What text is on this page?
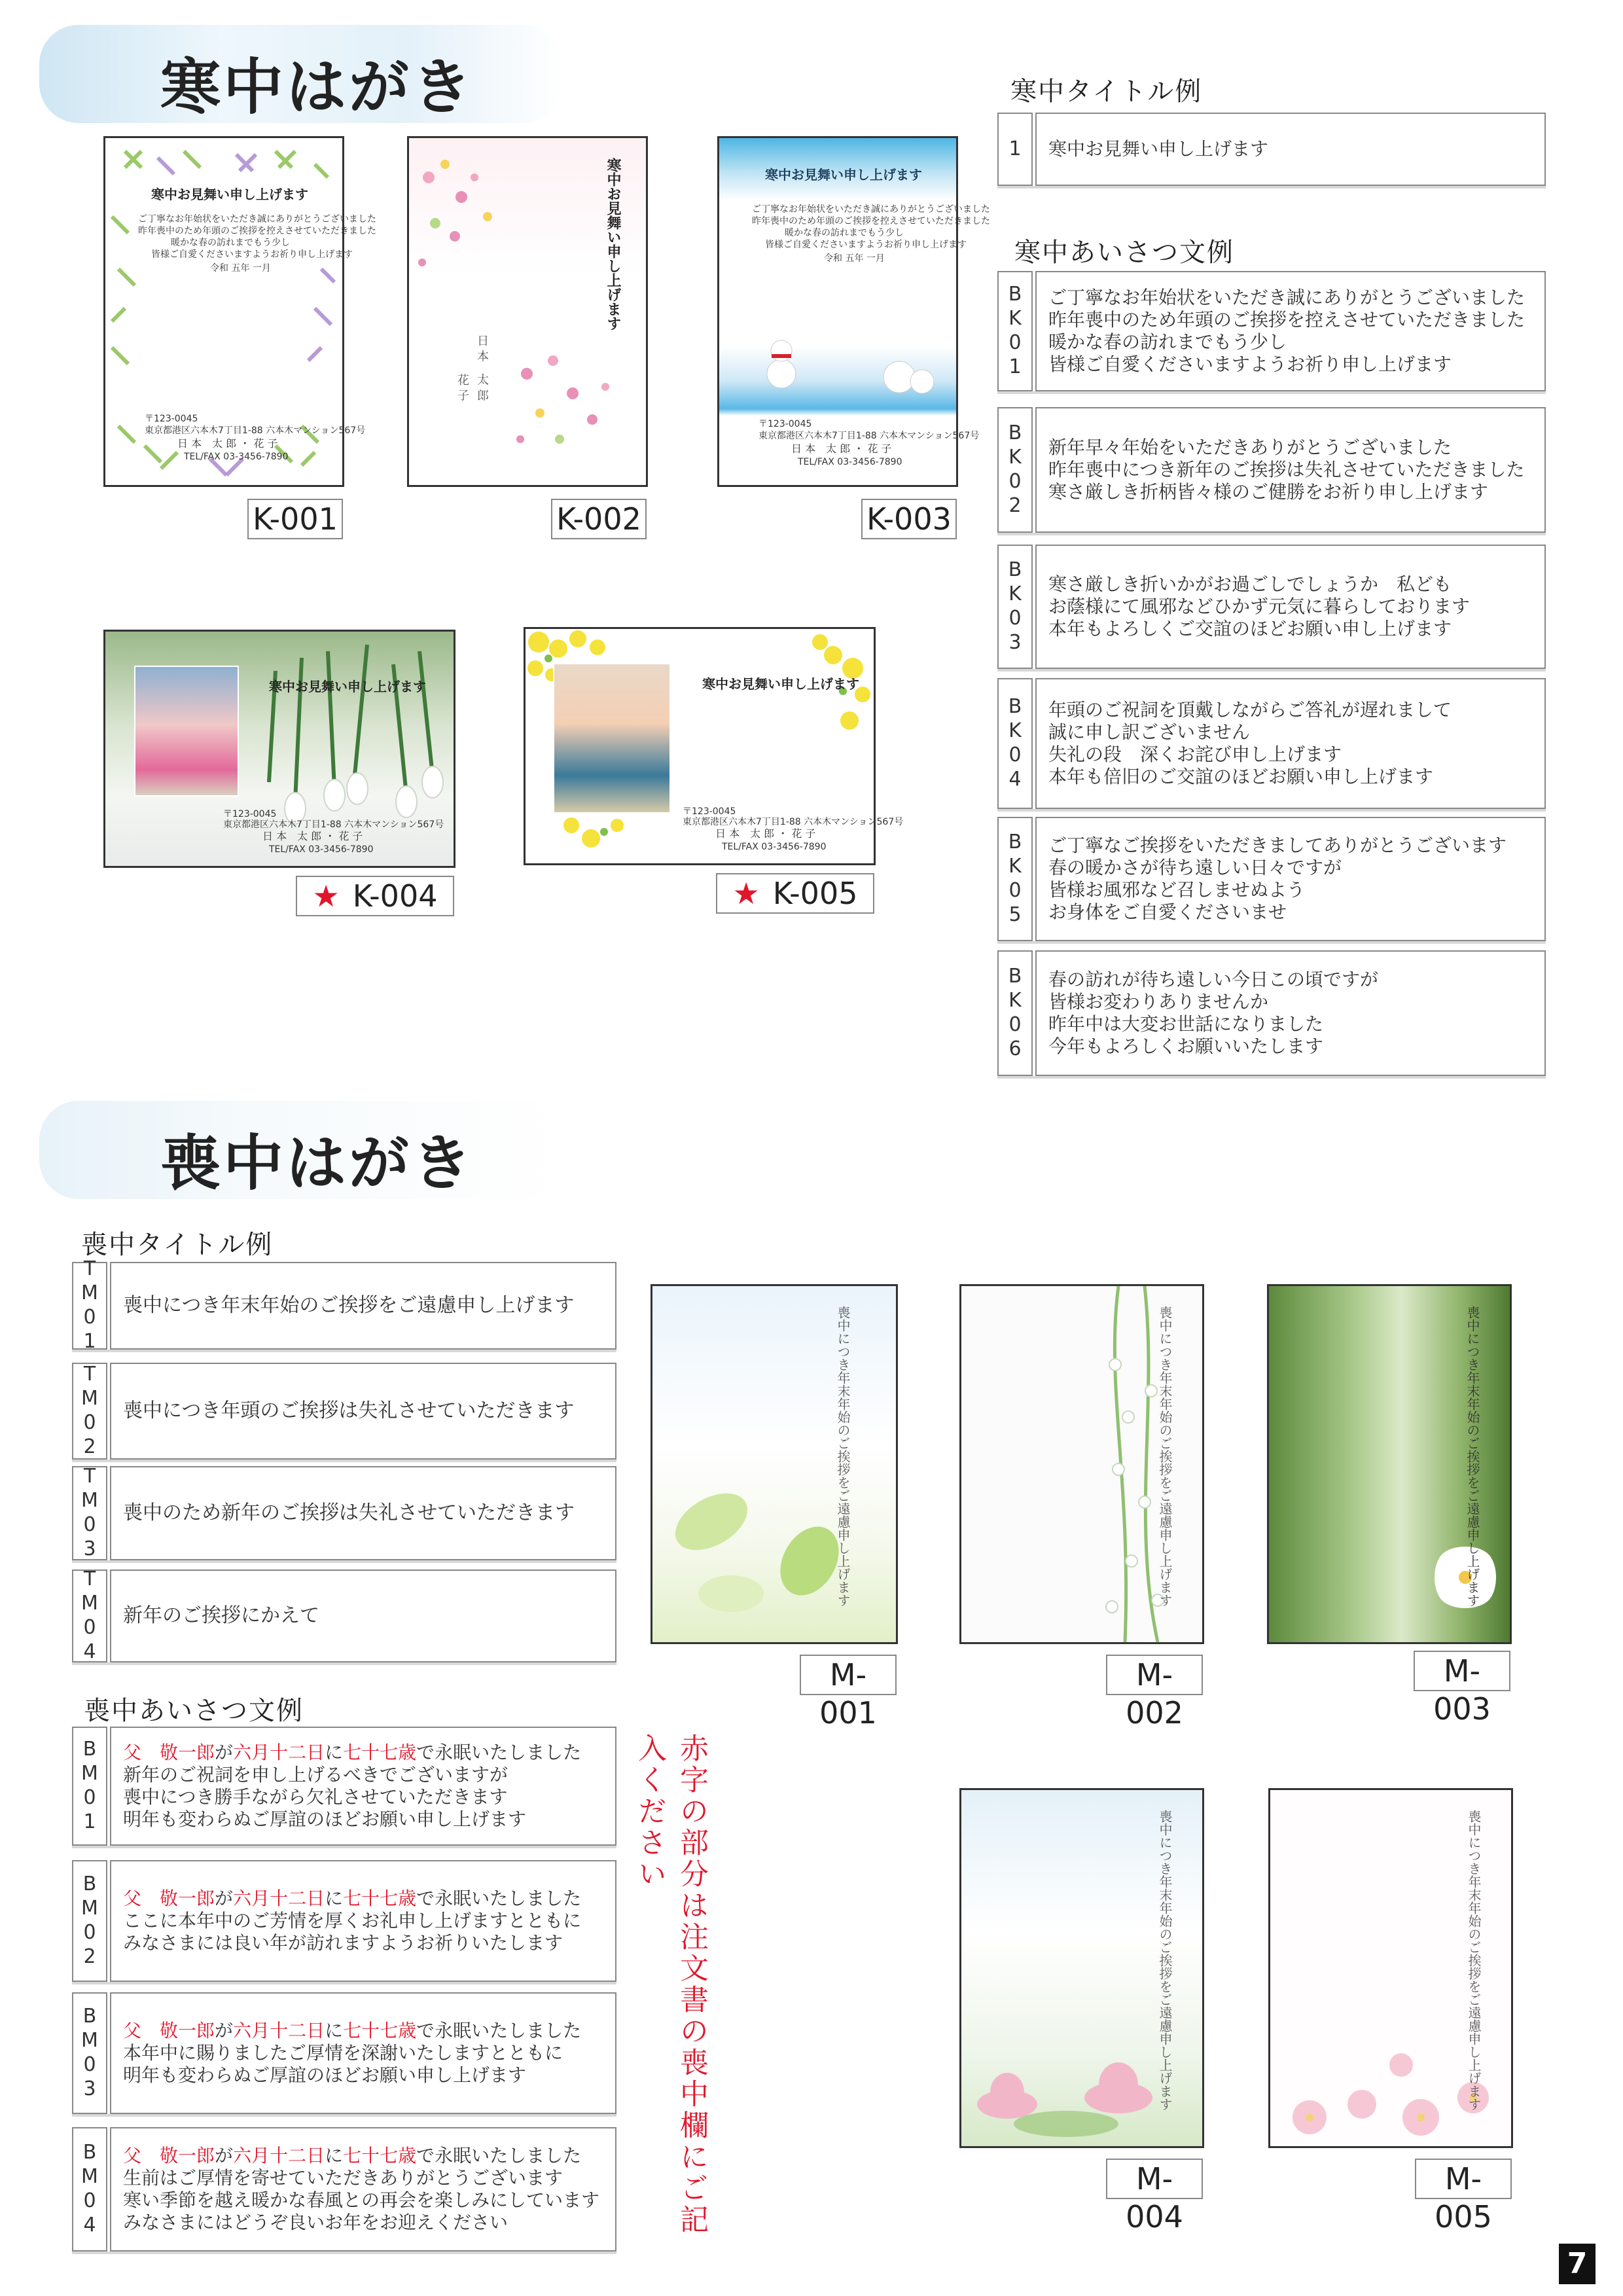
寒中はがき
寒中お見舞い申し上げます
ご丁寧なお年始状をいただき誠にありがとうございました
昨年喪中のため年頭のご挨拶を控えさせていただきました
暖かな春の訪れまでもう少し
皆様ご自愛くださいますようお祈り申し上げます
令和 五年 一月
〒123-0045
東京都港区六本木7丁目1-88 六本木マンション567号
日 本　太 郎 ・ 花 子
TEL/FAX 03-3456-7890
K-001
寒中お見舞い申し上げます
日 本　太 郎
花 子
K-002
寒中お見舞い申し上げます
ご丁寧なお年始状をいただき誠にありがとうございました
昨年喪中のため年頭のご挨拶を控えさせていただきました
暖かな春の訪れまでもう少し
皆様ご自愛くださいますようお祈り申し上げます
令和 五年 一月
〒123-0045
東京都港区六本木7丁目1-88 六本木マンション567号
日 本　太 郎 ・ 花 子
TEL/FAX 03-3456-7890
K-003
寒中お見舞い申し上げます
〒123-0045
東京都港区六本木7丁目1-88 六本木マンション567号
日 本　太 郎 ・ 花 子
TEL/FAX 03-3456-7890
★ K-004
寒中お見舞い申し上げます
〒123-0045
東京都港区六本木7丁目1-88 六本木マンション567号
日 本　太 郎 ・ 花 子
TEL/FAX 03-3456-7890
★ K-005
寒中タイトル例
1 寒中お見舞い申し上げます
寒中あいさつ文例
BK01 ご丁寧なお年始状をいただき誠にありがとうございました
昨年喪中のため年頭のご挨拶を控えさせていただきました
暖かな春の訪れまでもう少し
皆様ご自愛くださいますようお祈り申し上げます
BK02 新年早々年始をいただきありがとうございました
昨年喪中につき新年のご挨拶は失礼させていただきました
寒さ厳しき折柄皆々様のご健勝をお祈り申し上げます
BK03 寒さ厳しき折いかがお過ごしでしょうか　私ども
お蔭様にて風邪などひかず元気に暮らしております
本年もよろしくご交誼のほどお願い申し上げます
BK04 年頭のご祝詞を頂戴しながらご答礼が遅れまして
誠に申し訳ございません
失礼の段　深くお詫び申し上げます
本年も倍旧のご交誼のほどお願い申し上げます
BK05 ご丁寧なご挨拶をいただきましてありがとうございます
春の暖かさが待ち遠しい日々ですが
皆様お風邪など召しませぬよう
お身体をご自愛くださいませ
BK06 春の訪れが待ち遠しい今日この頃ですが
皆様お変わりありませんか
昨年中は大変お世話になりました
今年もよろしくお願いいたします
喪中はがき
喪中タイトル例
TM01 喪中につき年末年始のご挨拶をご遠慮申し上げます
TM02 喪中につき年頭のご挨拶は失礼させていただきます
TM03 喪中のため新年のご挨拶は失礼させていただきます
TM04 新年のご挨拶にかえて
喪中あいさつ文例
BM01 父　 敬一郎が六月十二日に七十七歳で永眠いたしました
新年のご祝詞を申し上げるべきでございますが
喪中につき勝手ながら欠礼させていただきます
明年も変わらぬご厚誼のほどお願い申し上げます
BM02 父　 敬一郎が六月十二日に七十七歳で永眠いたしました
ここに本年中のご芳情を厚くお礼申し上げますとともに
みなさまには良い年が訪れますようお祈りいたします
BM03 父　 敬一郎が六月十二日に七十七歳で永眠いたしました
本年中に賜りましたご厚情を深謝いたしますとともに
明年も変わらぬご厚誼のほどお願い申し上げます
BM04 父　 敬一郎が六月十二日に七十七歳で永眠いたしました
生前はご厚情を寄せていただきありがとうございます
寒い季節を越え暖かな春風との再会を楽しみにしています
みなさまにはどうぞ良いお年をお迎えください	赤字の部分は注文書の喪中欄にご記入ください
喪中につき年末年始のご挨拶をご遠慮申し上げます
M-001
喪中につき年末年始のご挨拶をご遠慮申し上げます
M-002
喪中につき年末年始のご挨拶をご遠慮申し上げます
M-003
喪中につき年末年始のご挨拶をご遠慮申し上げます
M-004
喪中につき年末年始のご挨拶をご遠慮申し上げます
M-005
7
